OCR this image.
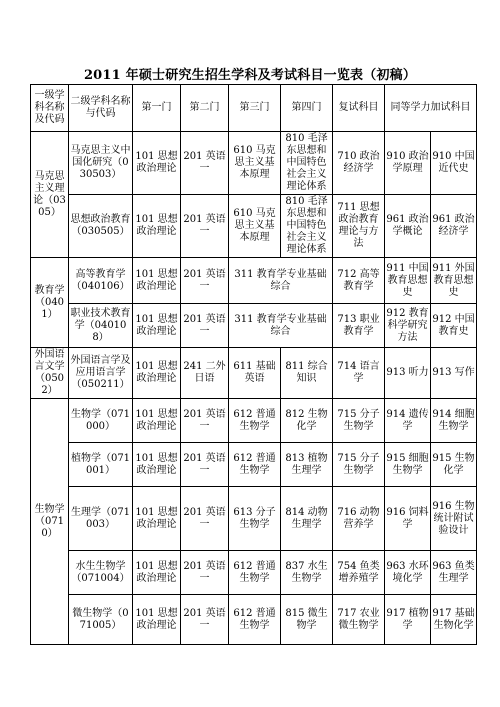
2011 年硕士研究生招生学科及考试科目一览表（初稿）
一级学科名称及代码	二级学科名称与代码	第一门	第二门	第三门	第四门	复试科目	同等学力加试科目	
马克思主义理论（0305）	马克思主义中国化研究（030503）	101 思想政治理论	201 英语一	610 马克思主义基本原理	810 毛泽东思想和中国特色社会主义理论体系	710 政治经济学	910 政治学原理	910 中国近代史
	思想政治教育（030505）	101 思想政治理论	201 英语一	610 马克思主义基本原理	810 毛泽东思想和中国特色社会主义理论体系	711 思想政治教育理论与方法	961 政治学概论	961 政治经济学
教育学（0401）	高等教育学（040106）	101 思想政治理论	201 英语一	311 教育学专业基础综合		712 高等教育学	911 中国教育思想史	911 外国教育思想史
	职业技术教育学（040108）	101 思想政治理论	201 英语一	311 教育学专业基础综合		713 职业教育学	912 教育科学研究方法	912 中国教育史
外国语言文学（0502）	外国语言学及应用语言学（050211）	101 思想政治理论	241 二外日语	611 基础英语	811 综合知识	714 语言学	913 听力	913 写作
生物学（0710）	生物学（071000）	101 思想政治理论	201 英语一	612 普通生物学	812 生物化学	715 分子生物学	914 遗传学	914 细胞生物学
	植物学（071001）	101 思想政治理论	201 英语一	612 普通生物学	813 植物生理学	715 分子生物学	915 细胞生物学	915 生物化学
	生理学（071003）	101 思想政治理论	201 英语一	613 分子生物学	814 动物生理学	716 动物营养学	916 饲料学	916 生物统计附试验设计
	水生生物学（071004）	101 思想政治理论	201 英语一	612 普通生物学	837 水生生物学	754 鱼类增养殖学	963 水环境化学	963 鱼类生理学
	微生物学（071005）	101 思想政治理论	201 英语一	612 普通生物学	815 微生物学	717 农业微生物学	917 植物学	917 基础生物化学
